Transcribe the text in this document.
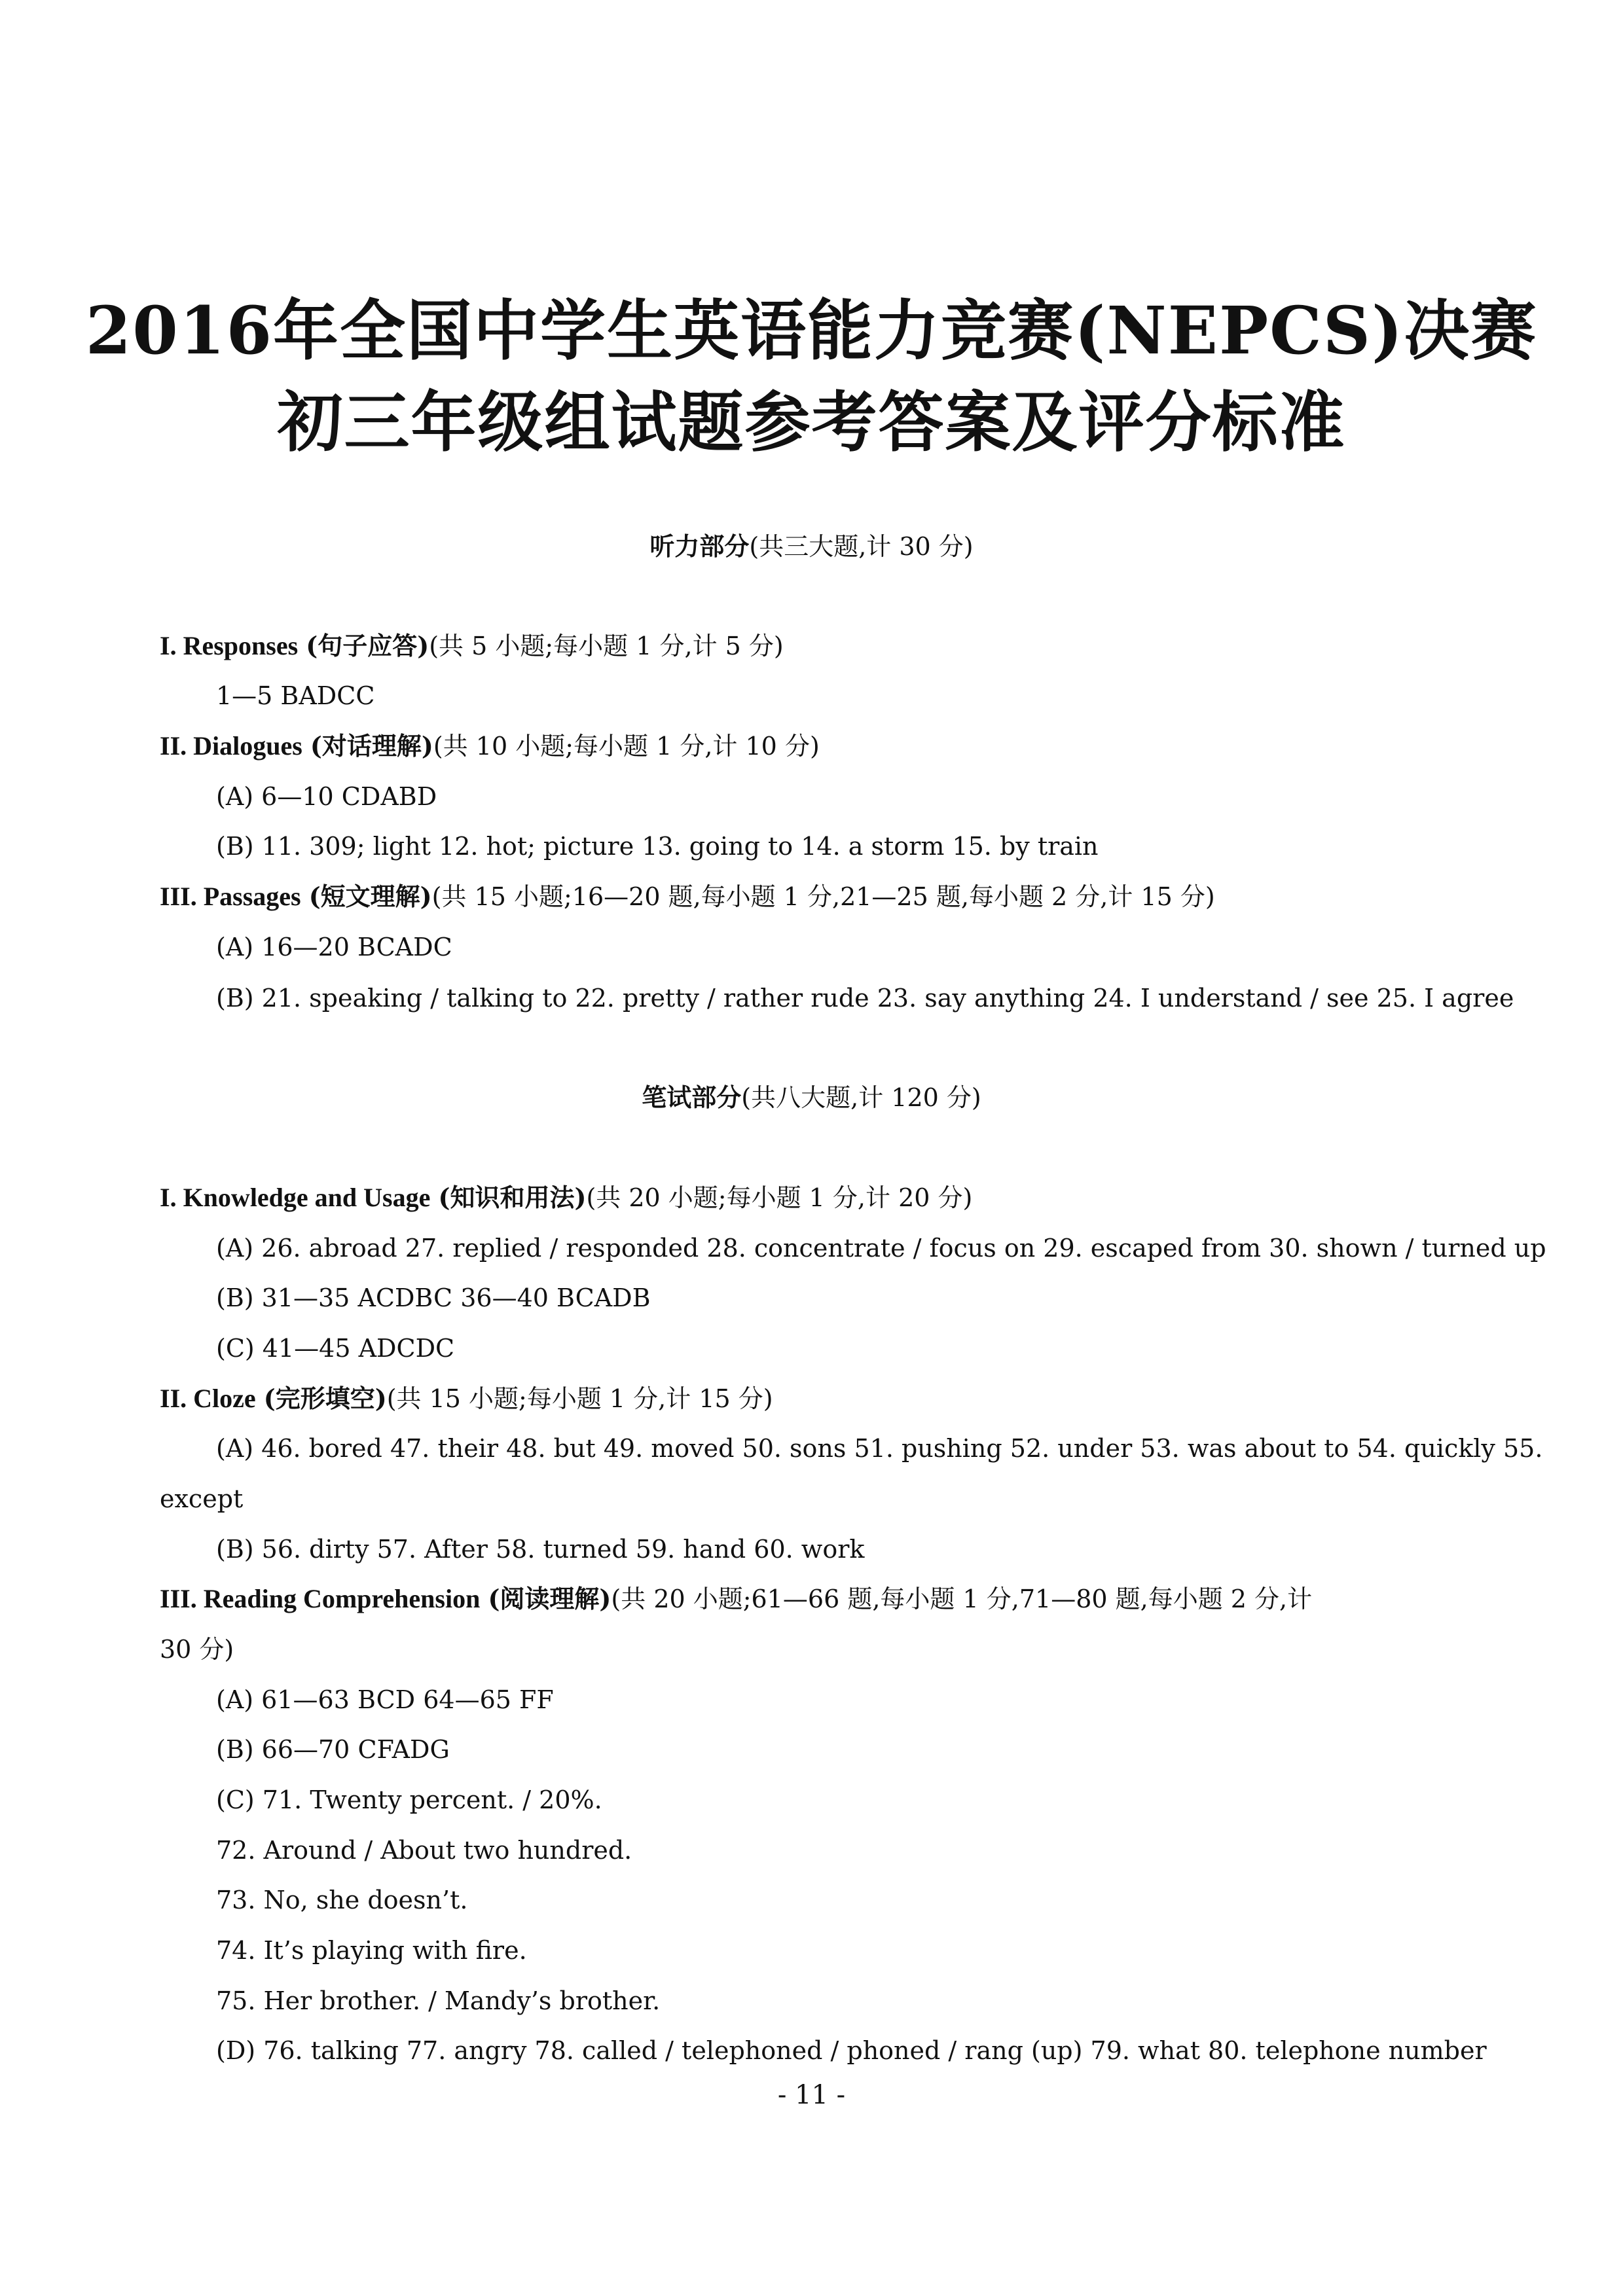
2016年全国中学生英语能力竞赛(NEPCS)决赛
初三年级组试题参考答案及评分标准
听力部分(共三大题,计 30 分)
I. Responses (句子应答)(共 5 小题;每小题 1 分,计 5 分)
1—5 BADCC
II. Dialogues (对话理解)(共 10 小题;每小题 1 分,计 10 分)
(A) 6—10 CDABD
(B) 11. 309; light 12. hot; picture 13. going to 14. a storm 15. by train
III. Passages (短文理解)(共 15 小题;16—20 题,每小题 1 分,21—25 题,每小题 2 分,计 15 分)
(A) 16—20 BCADC
(B) 21. speaking / talking to 22. pretty / rather rude 23. say anything 24. I understand / see 25. I agree
笔试部分(共八大题,计 120 分)
I. Knowledge and Usage (知识和用法)(共 20 小题;每小题 1 分,计 20 分)
(A) 26. abroad 27. replied / responded 28. concentrate / focus on 29. escaped from 30. shown / turned up
(B) 31—35 ACDBC 36—40 BCADB
(C) 41—45 ADCDC
II. Cloze (完形填空)(共 15 小题;每小题 1 分,计 15 分)
(A) 46. bored 47. their 48. but 49. moved 50. sons 51. pushing 52. under 53. was about to 54. quickly 55.
except
(B) 56. dirty 57. After 58. turned 59. hand 60. work
III. Reading Comprehension (阅读理解)(共 20 小题;61—66 题,每小题 1 分,71—80 题,每小题 2 分,计
30 分)
(A) 61—63 BCD 64—65 FF
(B) 66—70 CFADG
(C) 71. Twenty percent. / 20%.
72. Around / About two hundred.
73. No, she doesn’t.
74. It’s playing with fire.
75. Her brother. / Mandy’s brother.
(D) 76. talking 77. angry 78. called / telephoned / phoned / rang (up) 79. what 80. telephone number
- 11 -
